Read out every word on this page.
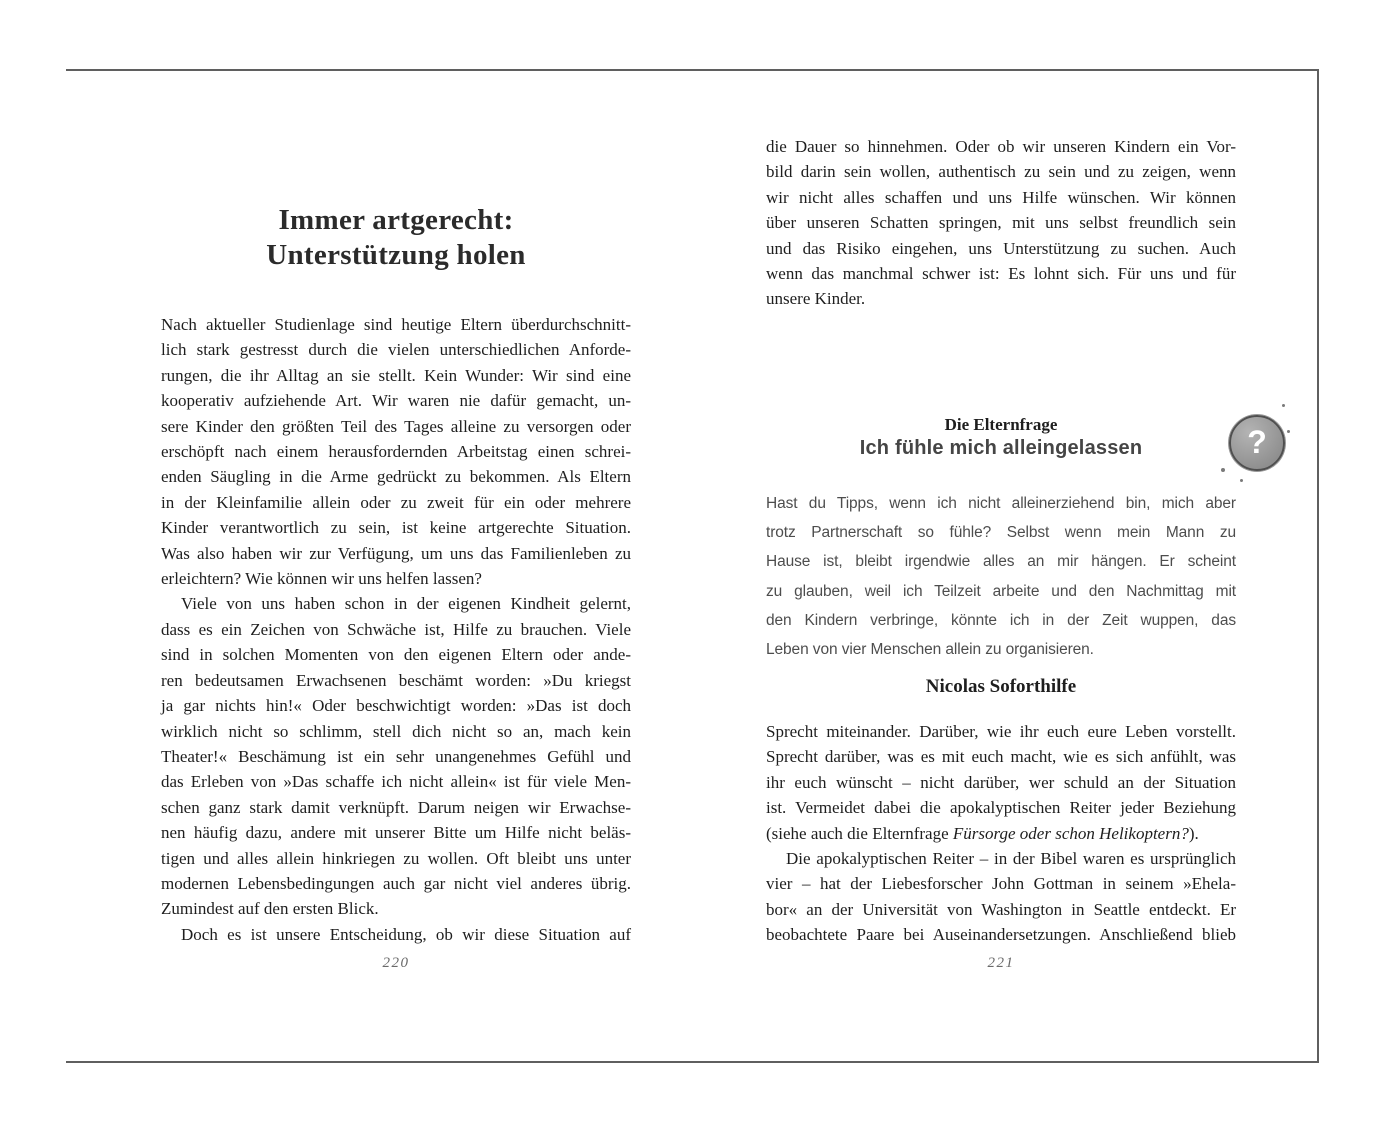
Immer artgerecht:
Unterstützung holen
Nach aktueller Studienlage sind heutige Eltern überdurchschnitt-
lich stark gestresst durch die vielen unterschiedlichen Anforde-
rungen, die ihr Alltag an sie stellt. Kein Wunder: Wir sind eine
kooperativ aufziehende Art. Wir waren nie dafür gemacht, un-
sere Kinder den größten Teil des Tages alleine zu versorgen oder
erschöpft nach einem herausfordernden Arbeitstag einen schrei-
enden Säugling in die Arme gedrückt zu bekommen. Als Eltern
in der Kleinfamilie allein oder zu zweit für ein oder mehrere
Kinder verantwortlich zu sein, ist keine artgerechte Situation.
Was also haben wir zur Verfügung, um uns das Familienleben zu
erleichtern? Wie können wir uns helfen lassen?
Viele von uns haben schon in der eigenen Kindheit gelernt,
dass es ein Zeichen von Schwäche ist, Hilfe zu brauchen. Viele
sind in solchen Momenten von den eigenen Eltern oder ande-
ren bedeutsamen Erwachsenen beschämt worden: »Du kriegst
ja gar nichts hin!« Oder beschwichtigt worden: »Das ist doch
wirklich nicht so schlimm, stell dich nicht so an, mach kein
Theater!« Beschämung ist ein sehr unangenehmes Gefühl und
das Erleben von »Das schaffe ich nicht allein« ist für viele Men-
schen ganz stark damit verknüpft. Darum neigen wir Erwachse-
nen häufig dazu, andere mit unserer Bitte um Hilfe nicht beläs-
tigen und alles allein hinkriegen zu wollen. Oft bleibt uns unter
modernen Lebensbedingungen auch gar nicht viel anderes übrig.
Zumindest auf den ersten Blick.
Doch es ist unsere Entscheidung, ob wir diese Situation auf
220
die Dauer so hinnehmen. Oder ob wir unseren Kindern ein Vor-
bild darin sein wollen, authentisch zu sein und zu zeigen, wenn
wir nicht alles schaffen und uns Hilfe wünschen. Wir können
über unseren Schatten springen, mit uns selbst freundlich sein
und das Risiko eingehen, uns Unterstützung zu suchen. Auch
wenn das manchmal schwer ist: Es lohnt sich. Für uns und für
unsere Kinder.
Die Elternfrage
Ich fühle mich alleingelassen	?
Hast du Tipps, wenn ich nicht alleinerziehend bin, mich aber
trotz Partnerschaft so fühle? Selbst wenn mein Mann zu
Hause ist, bleibt irgendwie alles an mir hängen. Er scheint
zu glauben, weil ich Teilzeit arbeite und den Nachmittag mit
den Kindern verbringe, könnte ich in der Zeit wuppen, das
Leben von vier Menschen allein zu organisieren.
Nicolas Soforthilfe
Sprecht miteinander. Darüber, wie ihr euch eure Leben vorstellt.
Sprecht darüber, was es mit euch macht, wie es sich anfühlt, was
ihr euch wünscht – nicht darüber, wer schuld an der Situation
ist. Vermeidet dabei die apokalyptischen Reiter jeder Beziehung
(siehe auch die Elternfrage Fürsorge oder schon Helikoptern?).
Die apokalyptischen Reiter – in der Bibel waren es ursprünglich
vier – hat der Liebesforscher John Gottman in seinem »Ehela-
bor« an der Universität von Washington in Seattle entdeckt. Er
beobachtete Paare bei Auseinandersetzungen. Anschließend blieb
221
